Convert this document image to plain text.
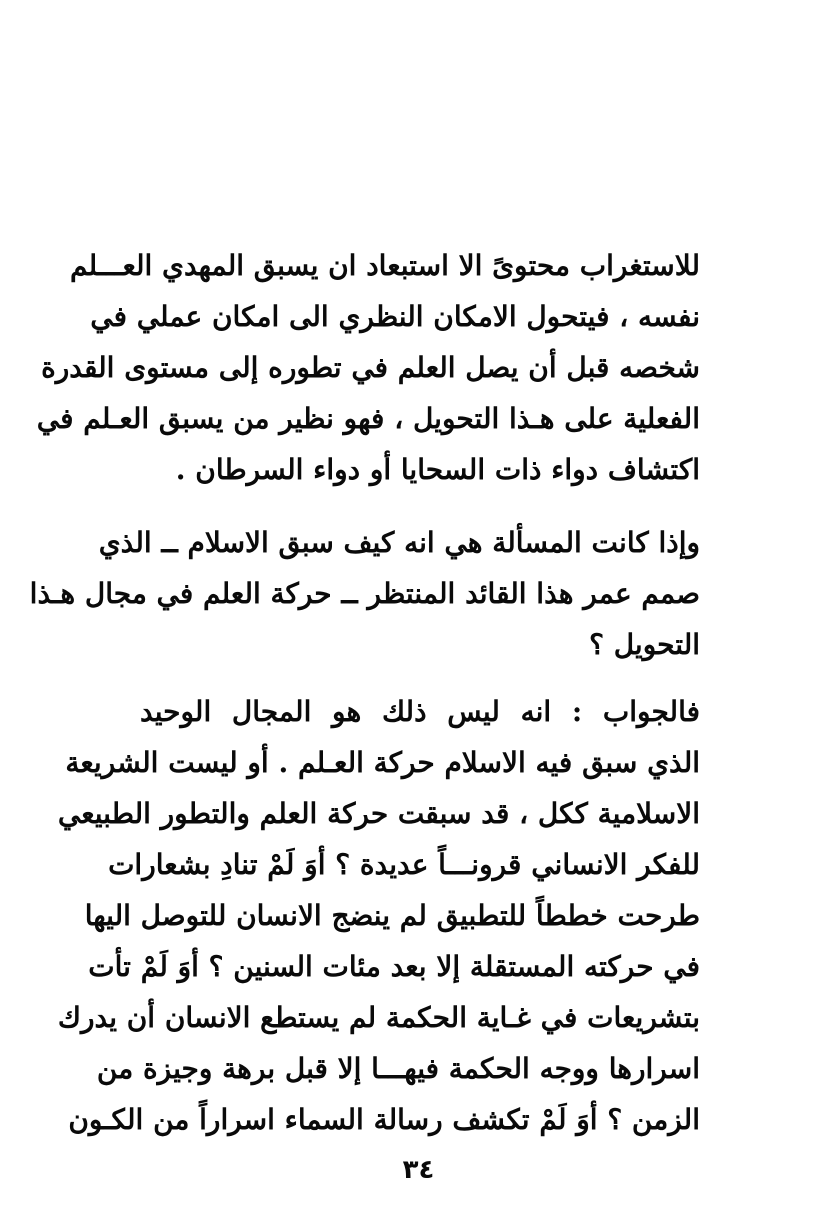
للاستغراب محتوىً الا استبعاد ان يسبق المهدي العـــلم
نفسه ، فيتحول الامكان النظري الى امكان عملي في
شخصه قبل أن يصل العلم في تطوره إلى مستوى القدرة
الفعلية على هـذا التحويل ، فهو نظير من يسبق العـلم في
اكتشاف دواء ذات السحايا أو دواء السرطان .
وإذا كانت المسألة هي انه كيف سبق الاسلام ــ الذي
صمم عمر هذا القائد المنتظر ــ حركة العلم في مجال هـذا
التحويل ؟
فالجواب : انه ليس ذلك هو المجال الوحيد
الذي سبق فيه الاسلام حركة العـلم . أو ليست الشريعة
الاسلامية ككل ، قد سبقت حركة العلم والتطور الطبيعي
للفكر الانساني قرونـــاً عديدة ؟ أوَ لَمْ تنادِ بشعارات
طرحت خططاً للتطبيق لم ينضج الانسان للتوصل اليها
في حركته المستقلة إلا بعد مئات السنين ؟ أوَ لَمْ تأت
بتشريعات في غـاية الحكمة لم يستطع الانسان أن يدرك
اسرارها ووجه الحكمة فيهـــا إلا قبل برهة وجيزة من
الزمن ؟ أوَ لَمْ تكشف رسالة السماء اسراراً من الكـون
٣٤
